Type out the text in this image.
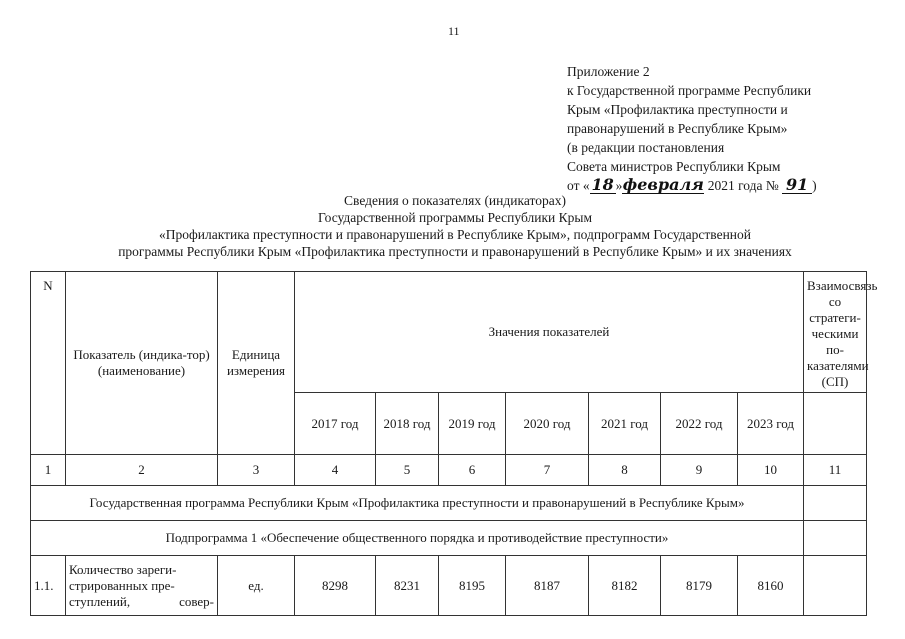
11
Приложение 2
к Государственной программе Республики
Крым «Профилактика преступности и
правонарушений в Республике Крым»
(в редакции постановления
Совета министров Республики Крым
от « 18 »февраля 2021 года № 91 )
Сведения о показателях (индикаторах)
Государственной программы Республики Крым
«Профилактика преступности и правонарушений в Республике Крым», подпрограмм Государственной
программы Республики Крым «Профилактика преступности и правонарушений в Республике Крым» и их значениях
N	Показатель (индика-тор) (наименование)	Единица измерения	Значения показателей							Взаимосвязь со стратеги-ческими по-казателями (СП)
			2017 год	2018 год	2019 год	2020 год	2021 год	2022 год	2023 год	
1	2	3	4	5	6	7	8	9	10	11
Государственная программа Республики Крым «Профилактика преступности и правонарушений в Республике Крым»										
Подпрограмма 1 «Обеспечение общественного порядка и противодействие преступности»										
1.1.	Количество зареги-стрированных пре-ступлений, совер-	ед.	8298	8231	8195	8187	8182	8179	8160	
